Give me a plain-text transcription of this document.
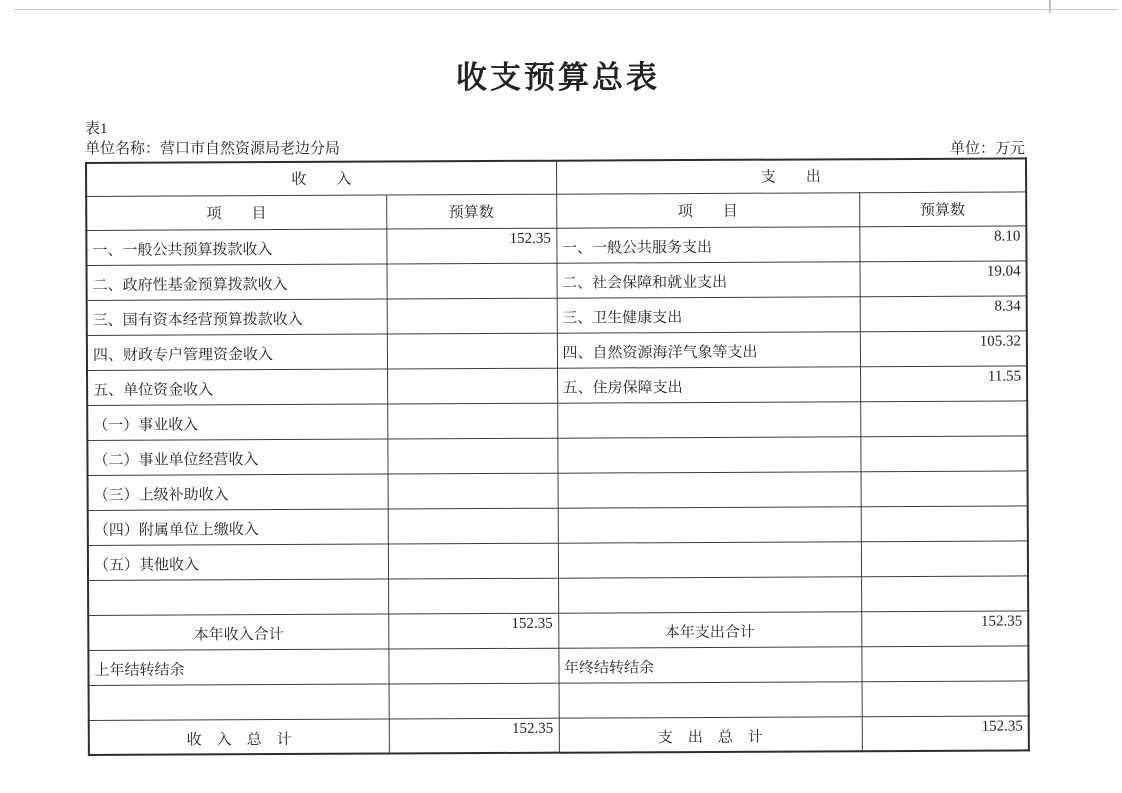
收支预算总表
表1
单位名称：营口市自然资源局老边分局	单位：万元
收　　入		支　　出	
项　　目	预算数	项　　目	预算数
一、一般公共预算拨款收入	152.35	一、一般公共服务支出	8.10
二、政府性基金预算拨款收入		二、社会保障和就业支出	19.04
三、国有资本经营预算拨款收入		三、卫生健康支出	8.34
四、财政专户管理资金收入		四、自然资源海洋气象等支出	105.32
五、单位资金收入		五、住房保障支出	11.55
（一）事业收入			
（二）事业单位经营收入			
（三）上级补助收入			
（四）附属单位上缴收入			
（五）其他收入			

本年收入合计	152.35	本年支出合计	152.35
上年结转结余		年终结转结余	

收　入　总　计	152.35	支　出　总　计	152.35
